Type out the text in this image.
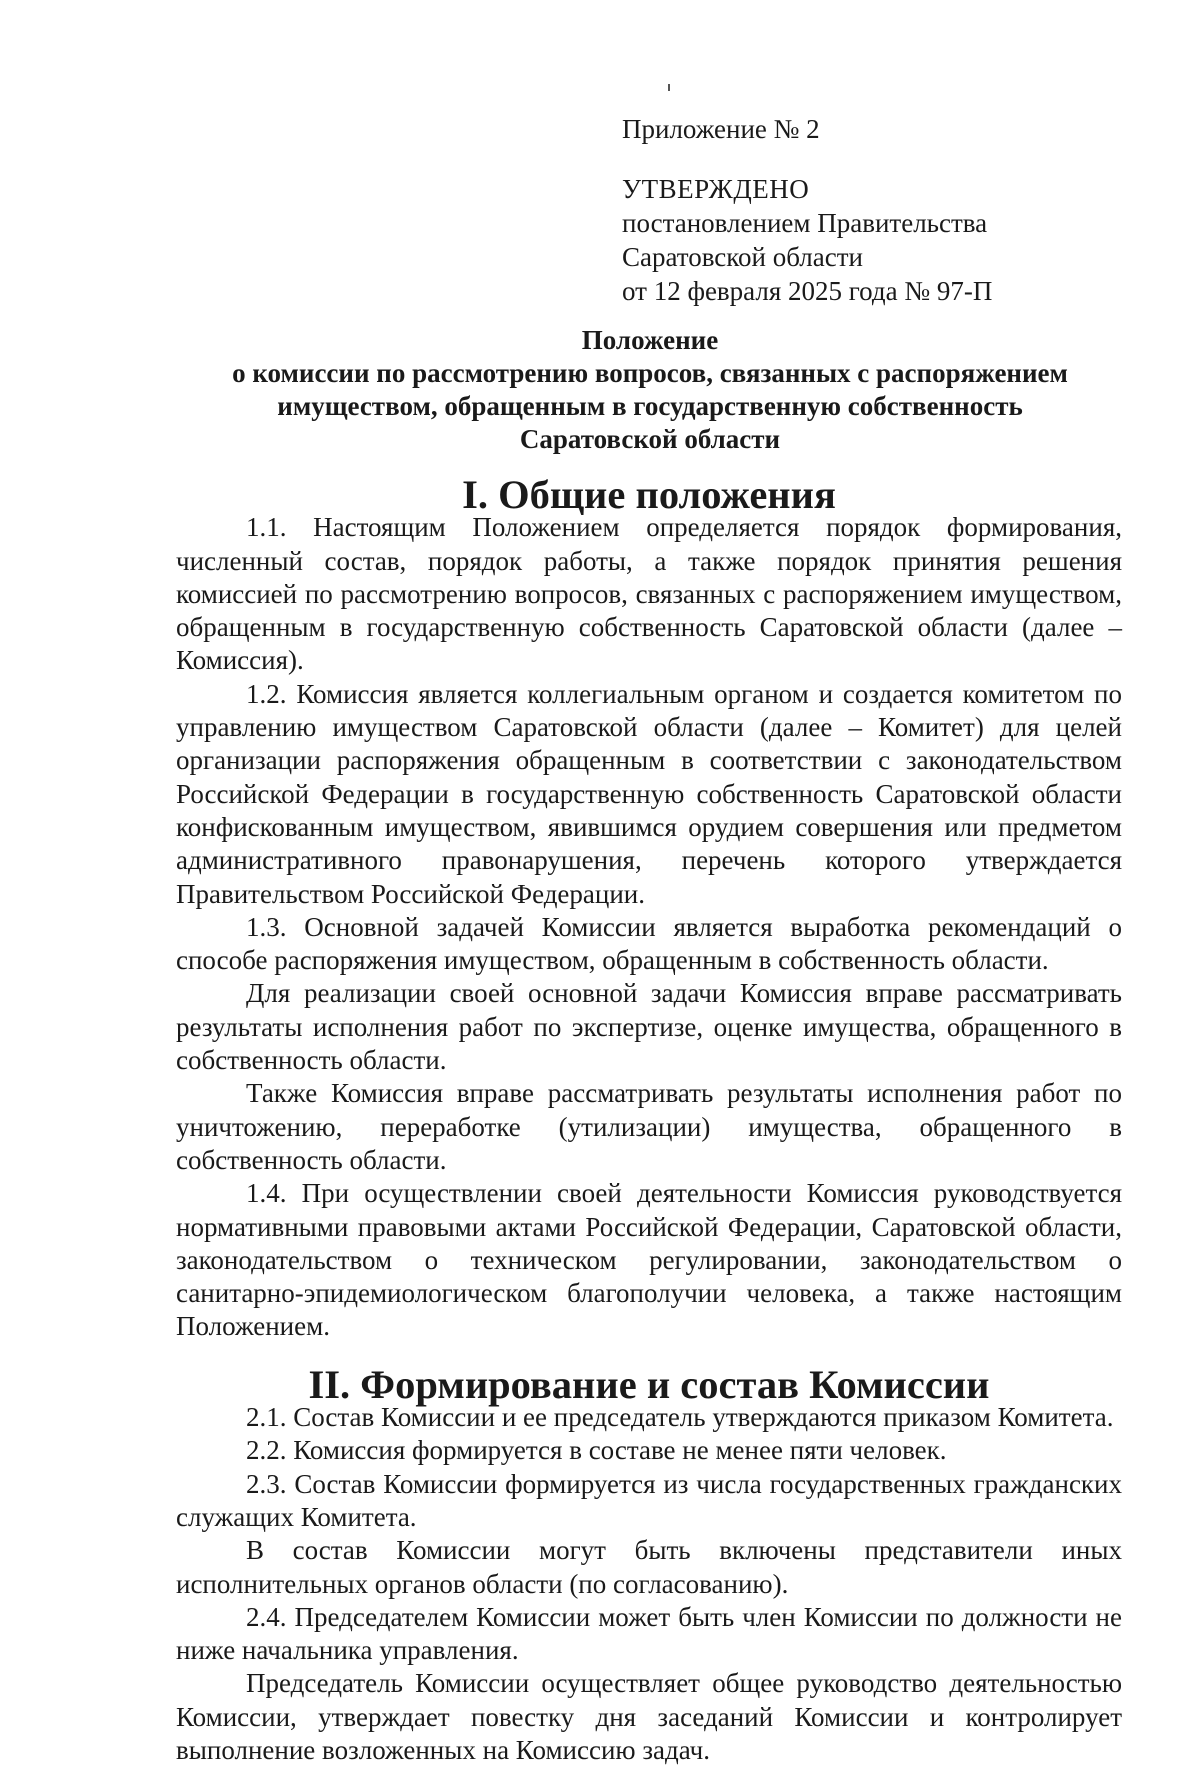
Приложение № 2
УТВЕРЖДЕНО
постановлением Правительства
Саратовской области
от 12 февраля 2025 года № 97-П
Положение
о комиссии по рассмотрению вопросов, связанных с распоряжением
имуществом, обращенным в государственную собственность
Саратовской области
I. Общие положения

1.1. Настоящим Положением определяется порядок формирования, численный состав, порядок работы, а также порядок принятия решения комиссией по рассмотрению вопросов, связанных с распоряжением имуществом, обращенным в государственную собственность Саратовской области (далее – Комиссия).

1.2. Комиссия является коллегиальным органом и создается комитетом по управлению имуществом Саратовской области (далее – Комитет) для целей организации распоряжения обращенным в соответствии с законодательством Российской Федерации в государственную собственность Саратовской области конфискованным имуществом, явившимся орудием совершения или предметом административного правонарушения, перечень которого утверждается Правительством Российской Федерации.

1.3. Основной задачей Комиссии является выработка рекомендаций о способе распоряжения имуществом, обращенным в собственность области.

Для реализации своей основной задачи Комиссия вправе рассматривать результаты исполнения работ по экспертизе, оценке имущества, обращенного в собственность области.

Также Комиссия вправе рассматривать результаты исполнения работ по уничтожению, переработке (утилизации) имущества, обращенного в собственность области.

1.4. При осуществлении своей деятельности Комиссия руководствуется нормативными правовыми актами Российской Федерации, Саратовской области, законодательством о техническом регулировании, законодательством о санитарно-эпидемиологическом благополучии человека, а также настоящим Положением.

II. Формирование и состав Комиссии

2.1. Состав Комиссии и ее председатель утверждаются приказом Комитета.

2.2. Комиссия формируется в составе не менее пяти человек.

2.3. Состав Комиссии формируется из числа государственных гражданских служащих Комитета.

В состав Комиссии могут быть включены представители иных исполнительных органов области (по согласованию).

2.4. Председателем Комиссии может быть член Комиссии по должности не ниже начальника управления.

Председатель Комиссии осуществляет общее руководство деятельностью Комиссии, утверждает повестку дня заседаний Комиссии и контролирует выполнение возложенных на Комиссию задач.
